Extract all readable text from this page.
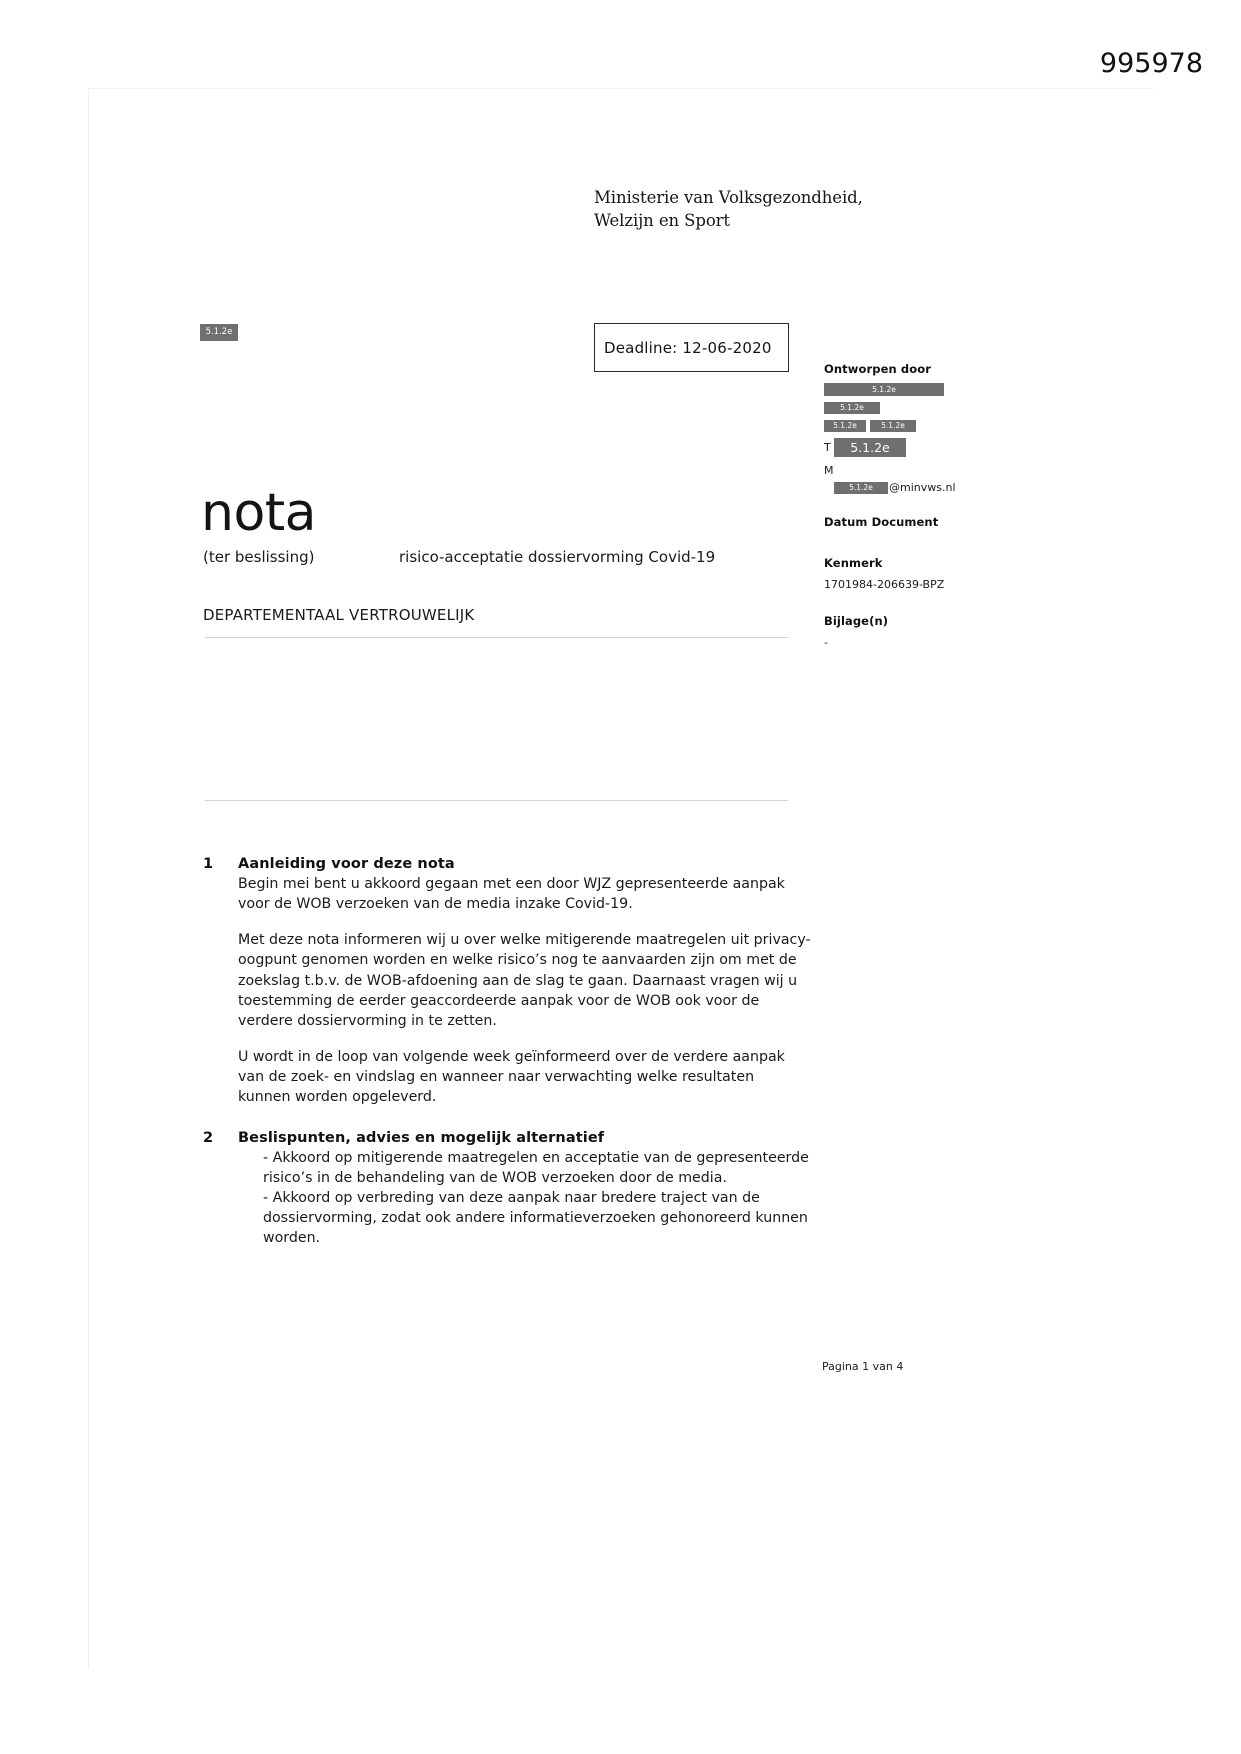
995978
Ministerie van Volksgezondheid,
Welzijn en Sport
5.1.2e
Deadline: 12-06-2020
Ontworpen door
5.1.2e
5.1.2e
5.1.2e	5.1.2e
T 5.1.2e
M
5.1.2e @minvws.nl
Datum Document
Kenmerk
1701984-206639-BPZ
Bijlage(n)
-
nota
(ter beslissing)	risico-acceptatie dossiervorming Covid-19
DEPARTEMENTAAL VERTROUWELIJK
1 Aanleiding voor deze nota

Begin mei bent u akkoord gegaan met een door WJZ gepresenteerde aanpak voor de WOB verzoeken van de media inzake Covid-19.

Met deze nota informeren wij u over welke mitigerende maatregelen uit privacy-oogpunt genomen worden en welke risico’s nog te aanvaarden zijn om met de zoekslag t.b.v. de WOB-afdoening aan de slag te gaan. Daarnaast vragen wij u toestemming de eerder geaccordeerde aanpak voor de WOB ook voor de verdere dossiervorming in te zetten.

U wordt in de loop van volgende week geïnformeerd over de verdere aanpak van de zoek- en vindslag en wanneer naar verwachting welke resultaten kunnen worden opgeleverd.

2 Beslispunten, advies en mogelijk alternatief

- Akkoord op mitigerende maatregelen en acceptatie van de gepresenteerde risico’s in de behandeling van de WOB verzoeken door de media.

- Akkoord op verbreding van deze aanpak naar bredere traject van de dossiervorming, zodat ook andere informatieverzoeken gehonoreerd kunnen worden.

Pagina 1 van 4
